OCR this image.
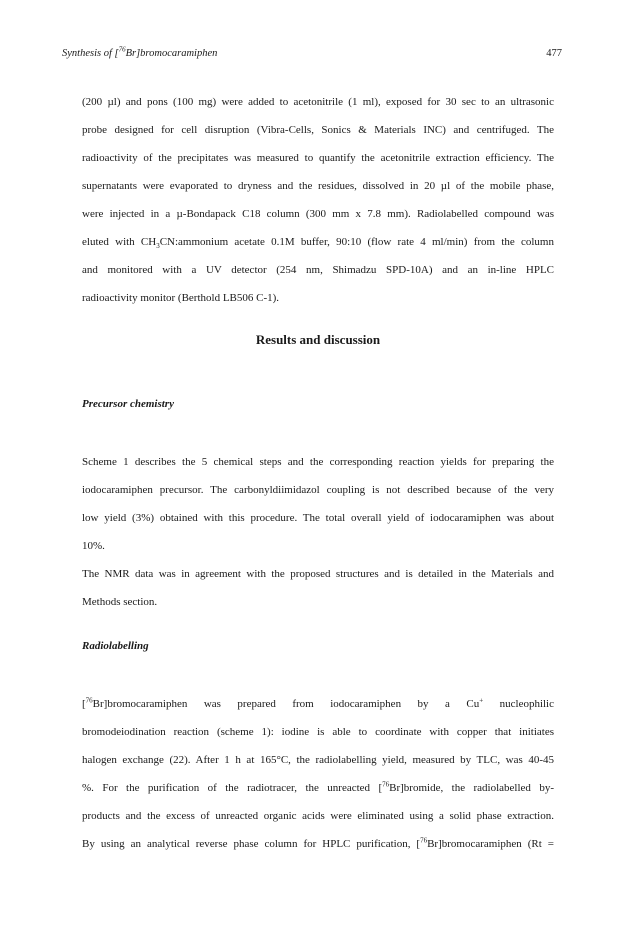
Synthesis of [$^{76}$Br]bromocaramiphen	477

(200 µl) and pons (100 mg) were added to acetonitrile (1 ml), exposed for 30 sec to an ultrasonic

probe designed for cell disruption (Vibra-Cells, Sonics & Materials INC) and centrifuged. The

radioactivity of the precipitates was measured to quantify the acetonitrile extraction efficiency. The

supernatants were evaporated to dryness and the residues, dissolved in 20 µl of the mobile phase,

were injected in a µ-Bondapack C18 column (300 mm x 7.8 mm). Radiolabelled compound was

eluted with $CH_3CN:ammonium$ acetate 0.1M buffer, 90:10 (flow rate 4 ml/min) from the column

and monitored with a UV detector (254 nm, Shimadzu SPD-10A) and an in-line HPLC

radioactivity monitor (Berthold LB506 C-1).

Results and discussion
Precursor chemistry

Scheme 1 describes the 5 chemical steps and the corresponding reaction yields for preparing the

iodocaramiphen precursor. The carbonyldiimidazol coupling is not described because of the very

low yield (3%) obtained with this procedure. The total overall yield of iodocaramiphen was about

10%.

The NMR data was in agreement with the proposed structures and is detailed in the Materials and

Methods section.

Radiolabelling

[$^{76}$Br]bromocaramiphen was prepared from iodocaramiphen by a Cu+ nucleophilic

bromodeiodination reaction (scheme 1): iodine is able to coordinate with copper that initiates

halogen exchange (22). After 1 h at 165°C, the radiolabelling yield, measured by TLC, was 40-45

%. For the purification of the radiotracer, the unreacted [$^{76}$Br]bromide, the radiolabelled by-

products and the excess of unreacted organic acids were eliminated using a solid phase extraction.

By using an analytical reverse phase column for HPLC purification, [$^{76}$Br]bromocaramiphen (Rt =
